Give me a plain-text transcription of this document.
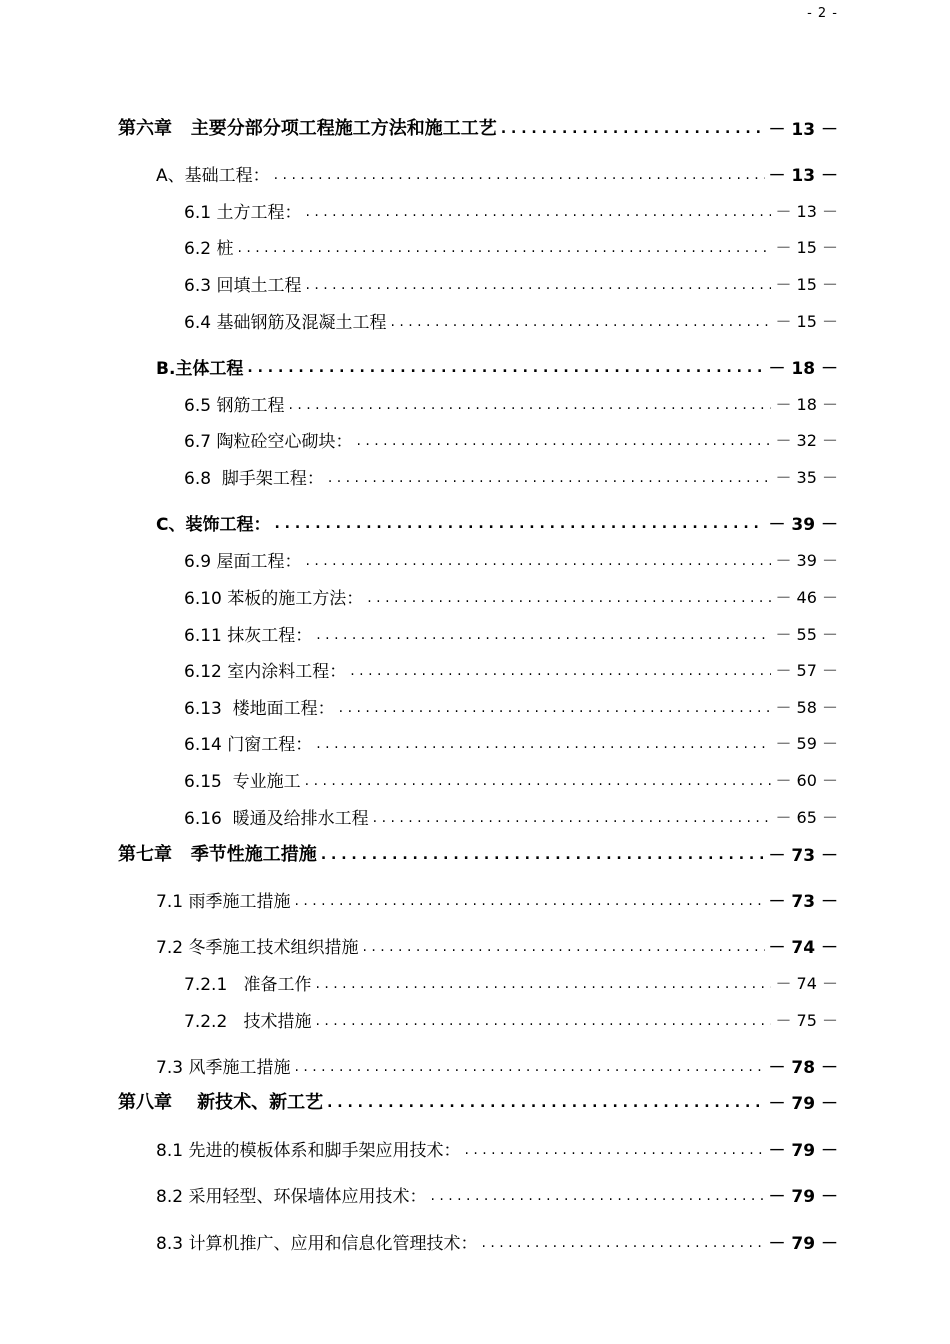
- 2 -
第六章   主要分部分项工程施工方法和施工工艺 . . .	－ 13 －
A、基础工程： . . .	－ 13 －
6.1 土方工程： . . .	－ 13 －
6.2 桩 . . .	－ 15 －
6.3 回填土工程 . . .	－ 15 －
6.4 基础钢筋及混凝土工程 . . .	－ 15 －
B.主体工程 . . .	－ 18 －
6.5 钢筋工程 . . .	－ 18 －
6.7 陶粒砼空心砌块： . . .	－ 32 －
6.8  脚手架工程： . . .	－ 35 －
C、装饰工程： . . .	－ 39 －
6.9 屋面工程： . . .	－ 39 －
6.10 苯板的施工方法： . . .	－ 46 －
6.11 抹灰工程： . . .	－ 55 －
6.12 室内涂料工程： . . .	－ 57 －
6.13  楼地面工程： . . .	－ 58 －
6.14 门窗工程： . . .	－ 59 －
6.15  专业施工 . . .	－ 60 －
6.16  暖通及给排水工程 . . .	－ 65 －
第七章   季节性施工措施 . . .	－ 73 －
7.1 雨季施工措施 . . .	－ 73 －
7.2 冬季施工技术组织措施 . . .	－ 74 －
7.2.1   准备工作 . . .	－ 74 －
7.2.2   技术措施 . . .	－ 75 －
7.3 风季施工措施 . . .	－ 78 －
第八章    新技术、新工艺 . . .	－ 79 －
8.1 先进的模板体系和脚手架应用技术： . . .	－ 79 －
8.2 采用轻型、环保墙体应用技术： . . .	－ 79 －
8.3 计算机推广、应用和信息化管理技术： . . .	－ 79 －
